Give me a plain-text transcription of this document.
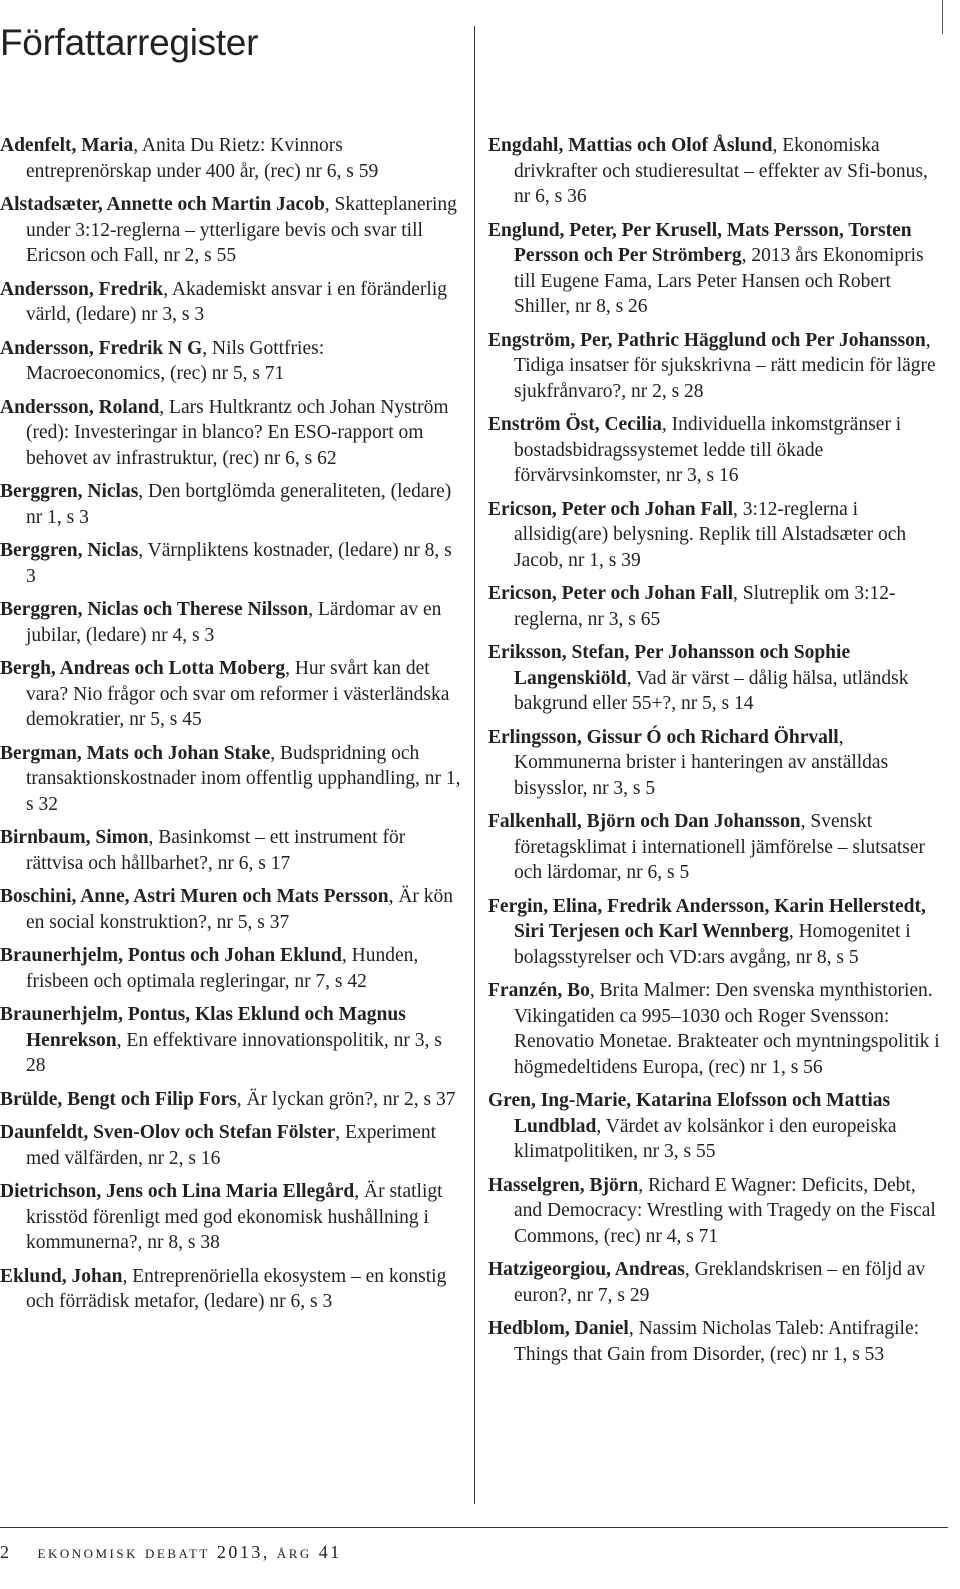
Författarregister

Adenfelt, Maria, Anita Du Rietz: Kvinnors entreprenörskap under 400 år, (rec) nr 6, s 59

Alstadsæter, Annette och Martin Jacob, Skatteplanering under 3:12-reglerna – ytterligare bevis och svar till Ericson och Fall, nr 2, s 55

Andersson, Fredrik, Akademiskt ansvar i en föränderlig värld, (ledare) nr 3, s 3

Andersson, Fredrik N G, Nils Gottfries: Macroeconomics, (rec) nr 5, s 71

Andersson, Roland, Lars Hultkrantz och Johan Nyström (red): Investeringar in blanco? En ESO-rapport om behovet av infrastruktur, (rec) nr 6, s 62

Berggren, Niclas, Den bortglömda generaliteten, (ledare) nr 1, s 3

Berggren, Niclas, Värnpliktens kostnader, (ledare) nr 8, s 3

Berggren, Niclas och Therese Nilsson, Lärdomar av en jubilar, (ledare) nr 4, s 3

Bergh, Andreas och Lotta Moberg, Hur svårt kan det vara? Nio frågor och svar om reformer i västerländska demokratier, nr 5, s 45

Bergman, Mats och Johan Stake, Budspridning och transaktionskostnader inom offentlig upphandling, nr 1, s 32

Birnbaum, Simon, Basinkomst – ett instrument för rättvisa och hållbarhet?, nr 6, s 17

Boschini, Anne, Astri Muren och Mats Persson, Är kön en social konstruktion?, nr 5, s 37

Braunerhjelm, Pontus och Johan Eklund, Hunden, frisbeen och optimala regleringar, nr 7, s 42

Braunerhjelm, Pontus, Klas Eklund och Magnus Henrekson, En effektivare innovationspolitik, nr 3, s 28

Brülde, Bengt och Filip Fors, Är lyckan grön?, nr 2, s 37

Daunfeldt, Sven-Olov och Stefan Fölster, Experiment med välfärden, nr 2, s 16

Dietrichson, Jens och Lina Maria Ellegård, Är statligt krisstöd förenligt med god ekonomisk hushållning i kommunerna?, nr 8, s 38

Eklund, Johan, Entreprenöriella ekosystem – en konstig och förrädisk metafor, (ledare) nr 6, s 3

Engdahl, Mattias och Olof Åslund, Ekonomiska drivkrafter och studieresultat – effekter av Sfi-bonus, nr 6, s 36

Englund, Peter, Per Krusell, Mats Persson, Torsten Persson och Per Strömberg, 2013 års Ekonomipris till Eugene Fama, Lars Peter Hansen och Robert Shiller, nr 8, s 26

Engström, Per, Pathric Hägglund och Per Johansson, Tidiga insatser för sjukskrivna – rätt medicin för lägre sjukfrånvaro?, nr 2, s 28

Enström Öst, Cecilia, Individuella inkomstgränser i bostadsbidragssystemet ledde till ökade förvärvsinkomster, nr 3, s 16

Ericson, Peter och Johan Fall, 3:12-reglerna i allsidig(are) belysning. Replik till Alstadsæter och Jacob, nr 1, s 39

Ericson, Peter och Johan Fall, Slutreplik om 3:12-reglerna, nr 3, s 65

Eriksson, Stefan, Per Johansson och Sophie Langenskiöld, Vad är värst – dålig hälsa, utländsk bakgrund eller 55+?, nr 5, s 14

Erlingsson, Gissur Ó och Richard Öhrvall, Kommunerna brister i hanteringen av anställdas bisysslor, nr 3, s 5

Falkenhall, Björn och Dan Johansson, Svenskt företagsklimat i internationell jämförelse – slutsatser och lärdomar, nr 6, s 5

Fergin, Elina, Fredrik Andersson, Karin Hellerstedt, Siri Terjesen och Karl Wennberg, Homogenitet i bolagsstyrelser och VD:ars avgång, nr 8, s 5

Franzén, Bo, Brita Malmer: Den svenska mynthistorien. Vikingatiden ca 995–1030 och Roger Svensson: Renovatio Monetae. Brakteater och myntningspolitik i högmedeltidens Europa, (rec) nr 1, s 56

Gren, Ing-Marie, Katarina Elofsson och Mattias Lundblad, Värdet av kolsänkor i den europeiska klimatpolitiken, nr 3, s 55

Hasselgren, Björn, Richard E Wagner: Deficits, Debt, and Democracy: Wrestling with Tragedy on the Fiscal Commons, (rec) nr 4, s 71

Hatzigeorgiou, Andreas, Greklandskrisen – en följd av euron?, nr 7, s 29

Hedblom, Daniel, Nassim Nicholas Taleb: Antifragile: Things that Gain from Disorder, (rec) nr 1, s 53

2 ekonomisk debatt 2013, årg 41
